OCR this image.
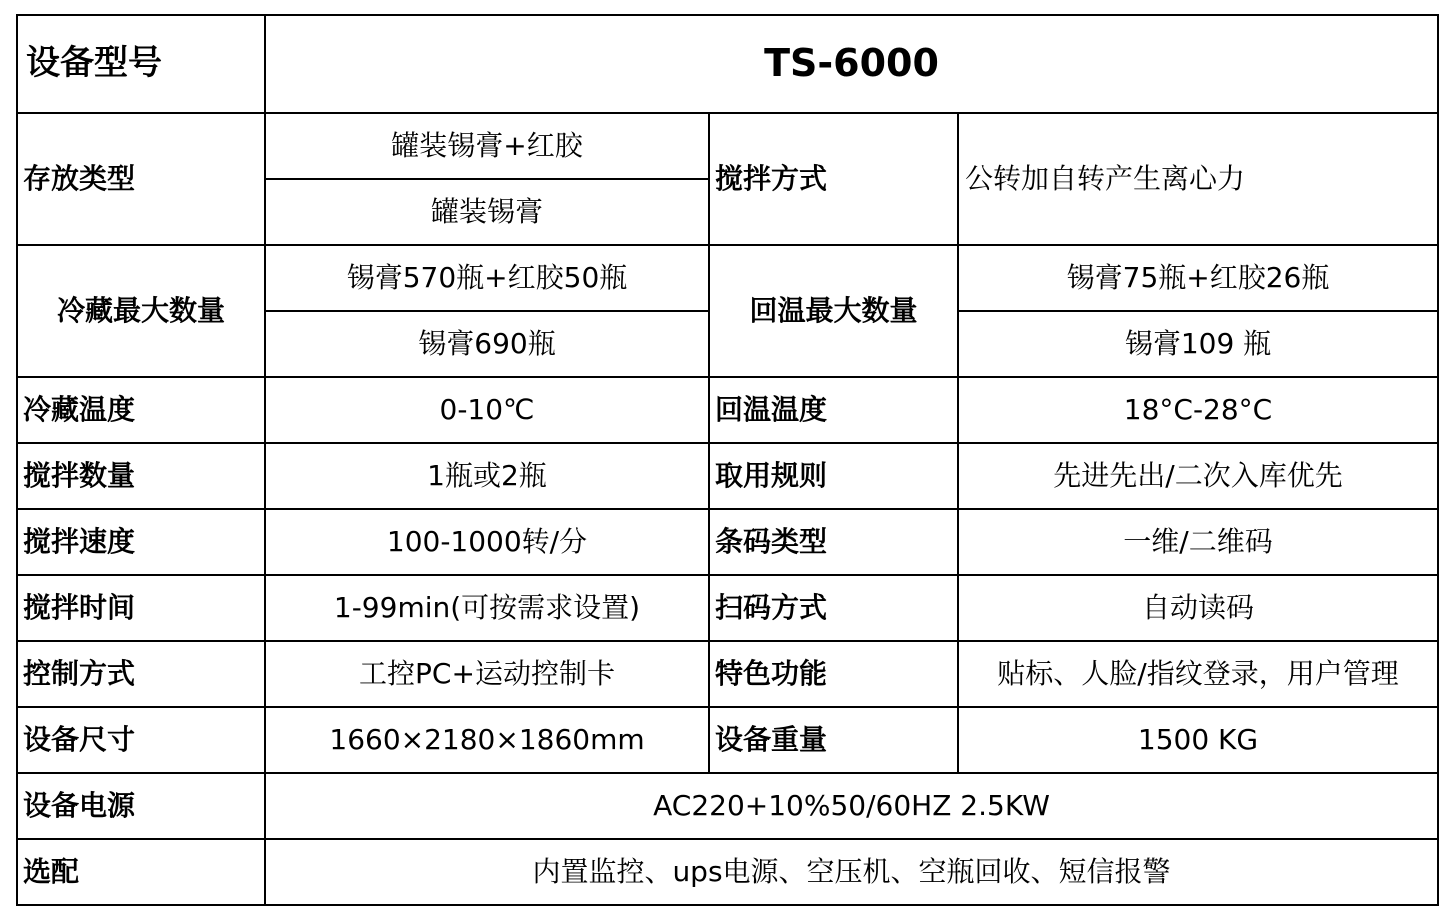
设备型号	TS-6000		
存放类型	罐装锡膏+红胶	搅拌方式	公转加自转产生离心力
	罐装锡膏		
冷藏最大数量	锡膏570瓶+红胶50瓶	回温最大数量	锡膏75瓶+红胶26瓶
	锡膏690瓶		锡膏109 瓶
冷藏温度	0-10℃	回温温度	18°C-28°C
搅拌数量	1瓶或2瓶	取用规则	先进先出/二次入库优先
搅拌速度	100-1000转/分	条码类型	一维/二维码
搅拌时间	1-99min(可按需求设置)	扫码方式	自动读码
控制方式	工控PC+运动控制卡	特色功能	贴标、人脸/指纹登录，用户管理
设备尺寸	1660×2180×1860mm	设备重量	1500 KG
设备电源	AC220+10%50/60HZ 2.5KW		
选配	内置监控、ups电源、空压机、空瓶回收、短信报警		
